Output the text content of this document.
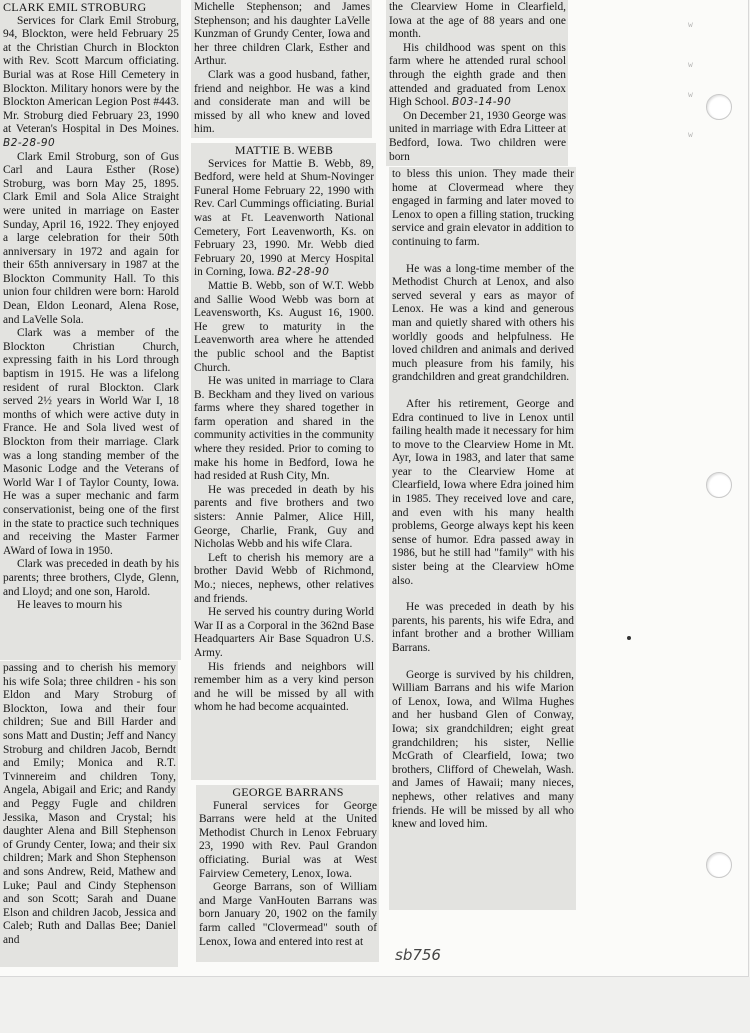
w

w

w

w

CLARK EMIL STROBURG

Services for Clark Emil Stroburg, 94, Blockton, were held February 25 at the Christian Church in Blockton with Rev. Scott Marcum officiating. Burial was at Rose Hill Cemetery in Blockton. Military honors were by the Blockton American Legion Post #443. Mr. Stroburg died February 23, 1990 at Veteran's Hospital in Des Moines. B2-28-90

Clark Emil Stroburg, son of Gus Carl and Laura Esther (Rose) Stroburg, was born May 25, 1895. Clark Emil and Sola Alice Straight were united in marriage on Easter Sunday, April 16, 1922. They enjoyed a large celebration for their 50th anniversary in 1972 and again for their 65th anniversary in 1987 at the Blockton Community Hall. To this union four children were born: Harold Dean, Eldon Leonard, Alena Rose, and LaVelle Sola.

Clark was a member of the Blockton Christian Church, expressing faith in his Lord through baptism in 1915. He was a lifelong resident of rural Blockton. Clark served 2½ years in World War I, 18 months of which were active duty in France. He and Sola lived west of Blockton from their marriage. Clark was a long standing member of the Masonic Lodge and the Veterans of World War I of Taylor County, Iowa. He was a super mechanic and farm conservationist, being one of the first in the state to practice such techniques and receiving the Master Farmer AWard of Iowa in 1950.

Clark was preceded in death by his parents; three brothers, Clyde, Glenn, and Lloyd; and one son, Harold.

He leaves to mourn his

passing and to cherish his memory his wife Sola; three children - his son Eldon and Mary Stroburg of Blockton, Iowa and their four children; Sue and Bill Harder and sons Matt and Dustin; Jeff and Nancy Stroburg and children Jacob, Berndt and Emily; Monica and R.T. Tvinnereim and children Tony, Angela, Abigail and Eric; and Randy and Peggy Fugle and children Jessika, Mason and Crystal; his daughter Alena and Bill Stephenson of Grundy Center, Iowa; and their six children; Mark and Shon Stephenson and sons Andrew, Reid, Mathew and Luke; Paul and Cindy Stephenson and son Scott; Sarah and Duane Elson and children Jacob, Jessica and Caleb; Ruth and Dallas Bee; Daniel and

Michelle Stephenson; and James Stephenson; and his daughter LaVelle Kunzman of Grundy Center, Iowa and her three children Clark, Esther and Arthur.

Clark was a good husband, father, friend and neighbor. He was a kind and considerate man and will be missed by all who knew and loved him.

MATTIE B. WEBB

Services for Mattie B. Webb, 89, Bedford, were held at Shum-Novinger Funeral Home February 22, 1990 with Rev. Carl Cummings officiating. Burial was at Ft. Leavenworth National Cemetery, Fort Leavenworth, Ks. on February 23, 1990. Mr. Webb died February 20, 1990 at Mercy Hospital in Corning, Iowa. B2-28-90

Mattie B. Webb, son of W.T. Webb and Sallie Wood Webb was born at Leavensworth, Ks. August 16, 1900. He grew to maturity in the Leavenworth area where he attended the public school and the Baptist Church.

He was united in marriage to Clara B. Beckham and they lived on various farms where they shared together in farm operation and shared in the community activities in the community where they resided. Prior to coming to make his home in Bedford, Iowa he had resided at Rush City, Mn.

He was preceded in death by his parents and five brothers and two sisters: Annie Palmer, Alice Hill, George, Charlie, Frank, Guy and Nicholas Webb and his wife Clara.

Left to cherish his memory are a brother David Webb of Richmond, Mo.; nieces, nephews, other relatives and friends.

He served his country during World War II as a Corporal in the 362nd Base Headquarters Air Base Squadron U.S. Army.

His friends and neighbors will remember him as a very kind person and he will be missed by all with whom he had become acquainted.

GEORGE BARRANS

Funeral services for George Barrans were held at the United Methodist Church in Lenox February 23, 1990 with Rev. Paul Grandon officiating. Burial was at West Fairview Cemetery, Lenox, Iowa.

George Barrans, son of William and Marge VanHouten Barrans was born January 20, 1902 on the family farm called "Clovermead" south of Lenox, Iowa and entered into rest at

the Clearview Home in Clearfield, Iowa at the age of 88 years and one month.

His childhood was spent on this farm where he attended rural school through the eighth grade and then attended and graduated from Lenox High School. B03-14-90

On December 21, 1930 George was united in marriage with Edra Litteer at Bedford, Iowa. Two children were born

to bless this union. They made their home at Clovermead where they engaged in farming and later moved to Lenox to open a filling station, trucking service and grain elevator in addition to continuing to farm.

He was a long-time member of the Methodist Church at Lenox, and also served several y ears as mayor of Lenox. He was a kind and generous man and quietly shared with others his worldly goods and helpfulness. He loved children and animals and derived much pleasure from his family, his grandchildren and great grandchildren.

After his retirement, George and Edra continued to live in Lenox until failing health made it necessary for him to move to the Clearview Home in Mt. Ayr, Iowa in 1983, and later that same year to the Clearview Home at Clearfield, Iowa where Edra joined him in 1985. They received love and care, and even with his many health problems, George always kept his keen sense of humor. Edra passed away in 1986, but he still had "family" with his sister being at the Clearview hOme also.

He was preceded in death by his parents, his parents, his wife Edra, and infant brother and a brother William Barrans.

George is survived by his children, William Barrans and his wife Marion of Lenox, Iowa, and Wilma Hughes and her husband Glen of Conway, Iowa; six grandchildren; eight great grandchildren; his sister, Nellie McGrath of Clearfield, Iowa; two brothers, Clifford of Chewelah, Wash. and James of Hawaii; many nieces, nephews, other relatives and many friends. He will be missed by all who knew and loved him.

sb756
